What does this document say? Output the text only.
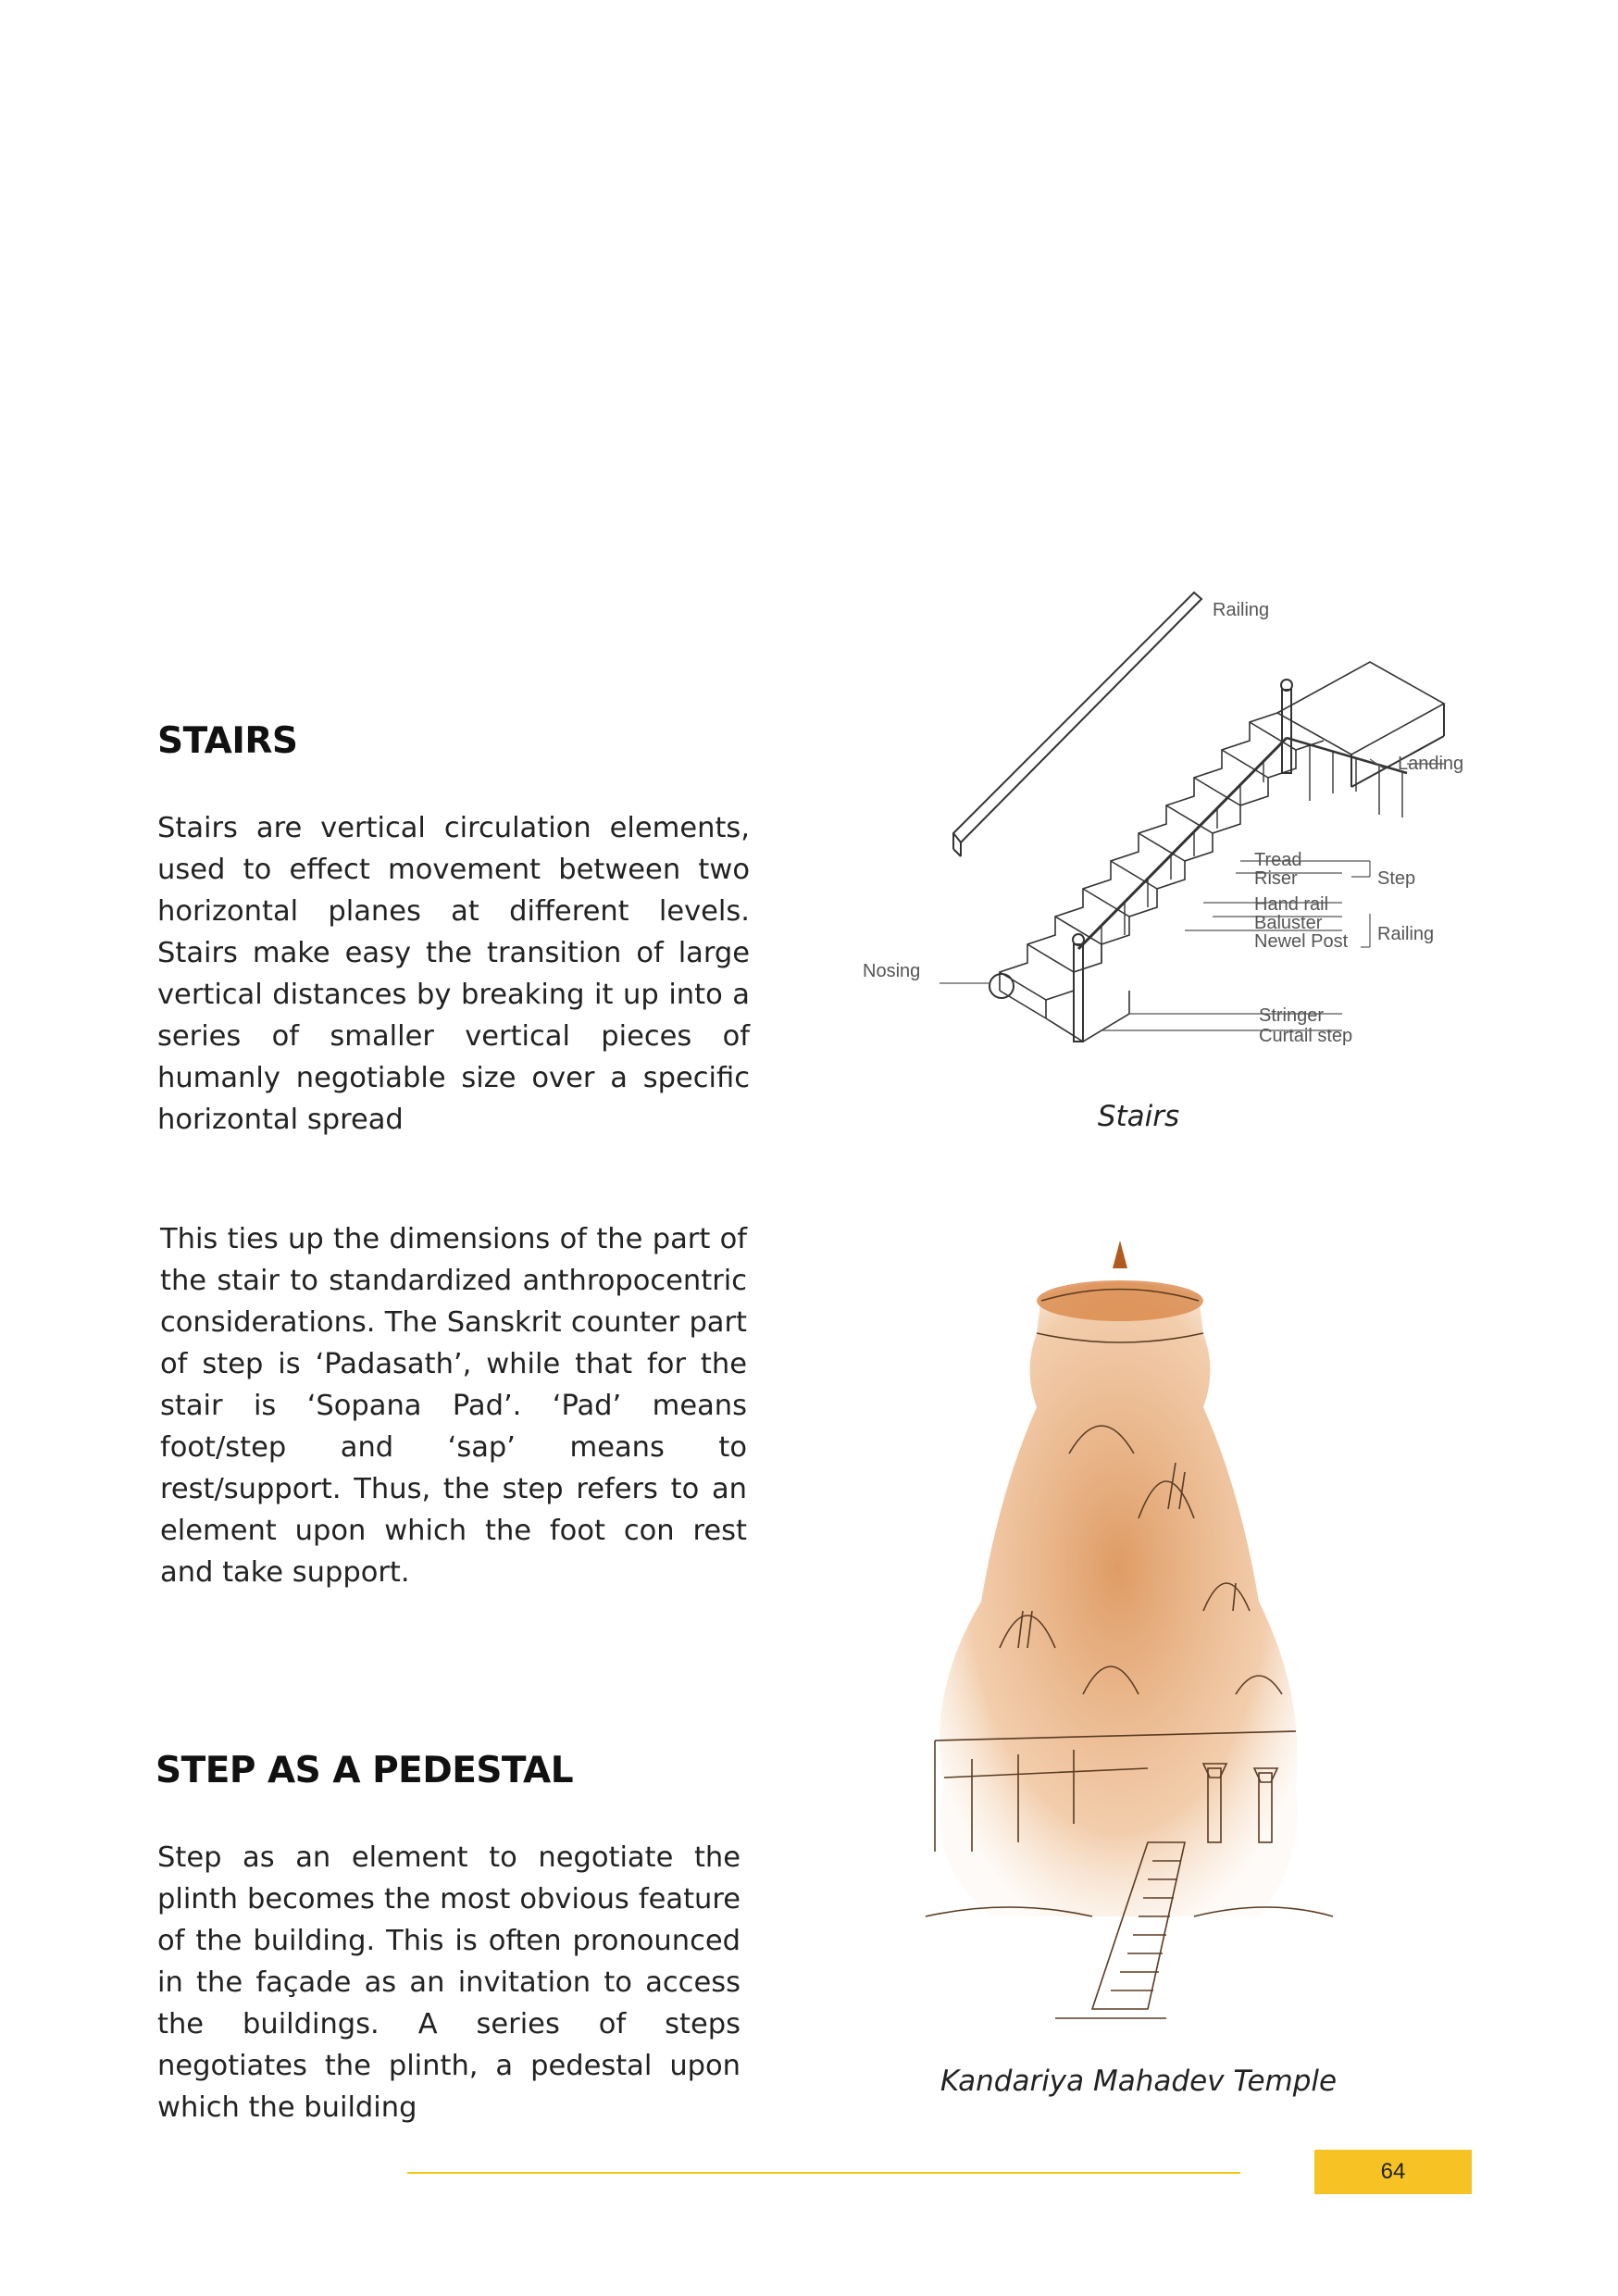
STAIRS

Stairs are vertical circulation elements, used to effect movement between two horizontal planes at different levels. Stairs make easy the transition of large vertical distances by breaking it up into a series of smaller vertical pieces of humanly negotiable size over a specific horizontal spread

This ties up the dimensions of the part of the stair to standardized anthropocentric considerations. The Sanskrit counter part of step is ‘Padasath’, while that for the stair is ‘Sopana Pad’. ‘Pad’ means foot/step and ‘sap’ means to rest/support. Thus, the step refers to an element upon which the foot con rest and take support.

STEP AS A PEDESTAL

Step as an element to negotiate the plinth becomes the most obvious feature of the building. This is often pronounced in the façade as an invitation to access the buildings. A series of steps negotiates the plinth, a pedestal upon which the building

Railing
Landing
Tread
Riser	Step
Hand rail
Baluster
Newel Post Railing
Nosing
Stringer
Curtail step
Stairs
Kandariya Mahadev Temple
64
